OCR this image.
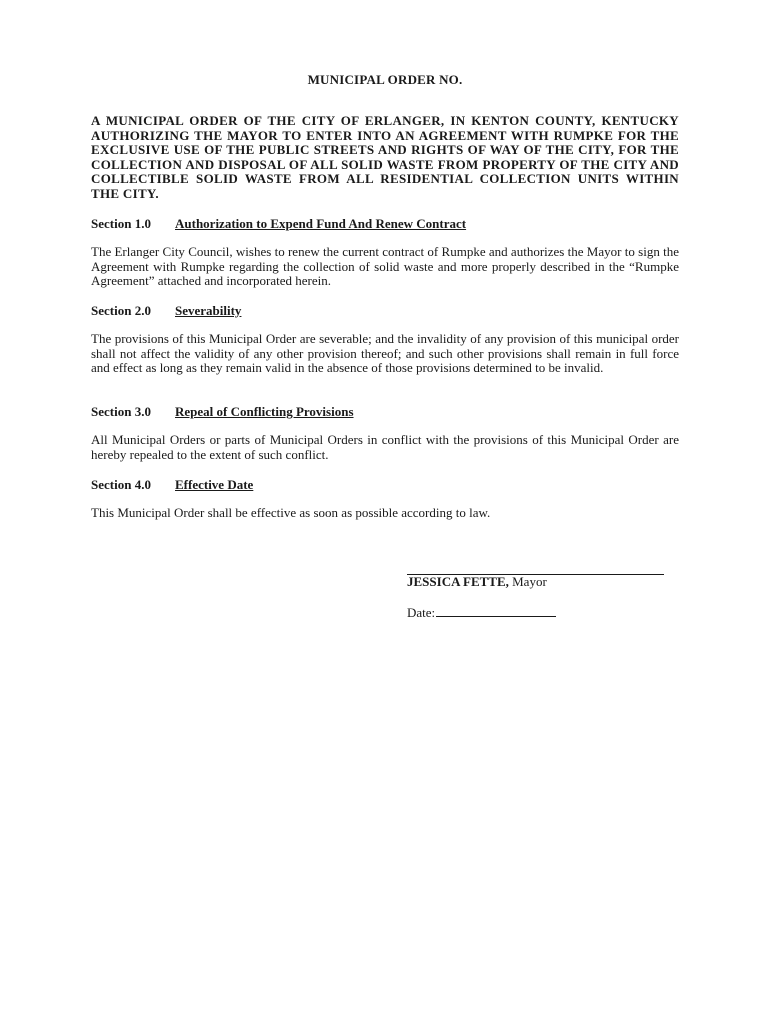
MUNICIPAL ORDER NO.
A MUNICIPAL ORDER OF THE CITY OF ERLANGER, IN KENTON COUNTY, KENTUCKY AUTHORIZING THE MAYOR TO ENTER INTO AN AGREEMENT WITH RUMPKE FOR THE EXCLUSIVE USE OF THE PUBLIC STREETS AND RIGHTS OF WAY OF THE CITY, FOR THE COLLECTION AND DISPOSAL OF ALL SOLID WASTE FROM PROPERTY OF THE CITY AND COLLECTIBLE SOLID WASTE FROM ALL RESIDENTIAL COLLECTION UNITS WITHIN THE CITY.
Section 1.0 Authorization to Expend Fund And Renew Contract
The Erlanger City Council, wishes to renew the current contract of Rumpke and authorizes the Mayor to sign the Agreement with Rumpke regarding the collection of solid waste and more properly described in the “Rumpke Agreement” attached and incorporated herein.
Section 2.0 Severability
The provisions of this Municipal Order are severable; and the invalidity of any provision of this municipal order shall not affect the validity of any other provision thereof; and such other provisions shall remain in full force and effect as long as they remain valid in the absence of those provisions determined to be invalid.
Section 3.0 Repeal of Conflicting Provisions
All Municipal Orders or parts of Municipal Orders in conflict with the provisions of this Municipal Order are hereby repealed to the extent of such conflict.
Section 4.0 Effective Date
This Municipal Order shall be effective as soon as possible according to law.
JESSICA FETTE, Mayor
Date:
